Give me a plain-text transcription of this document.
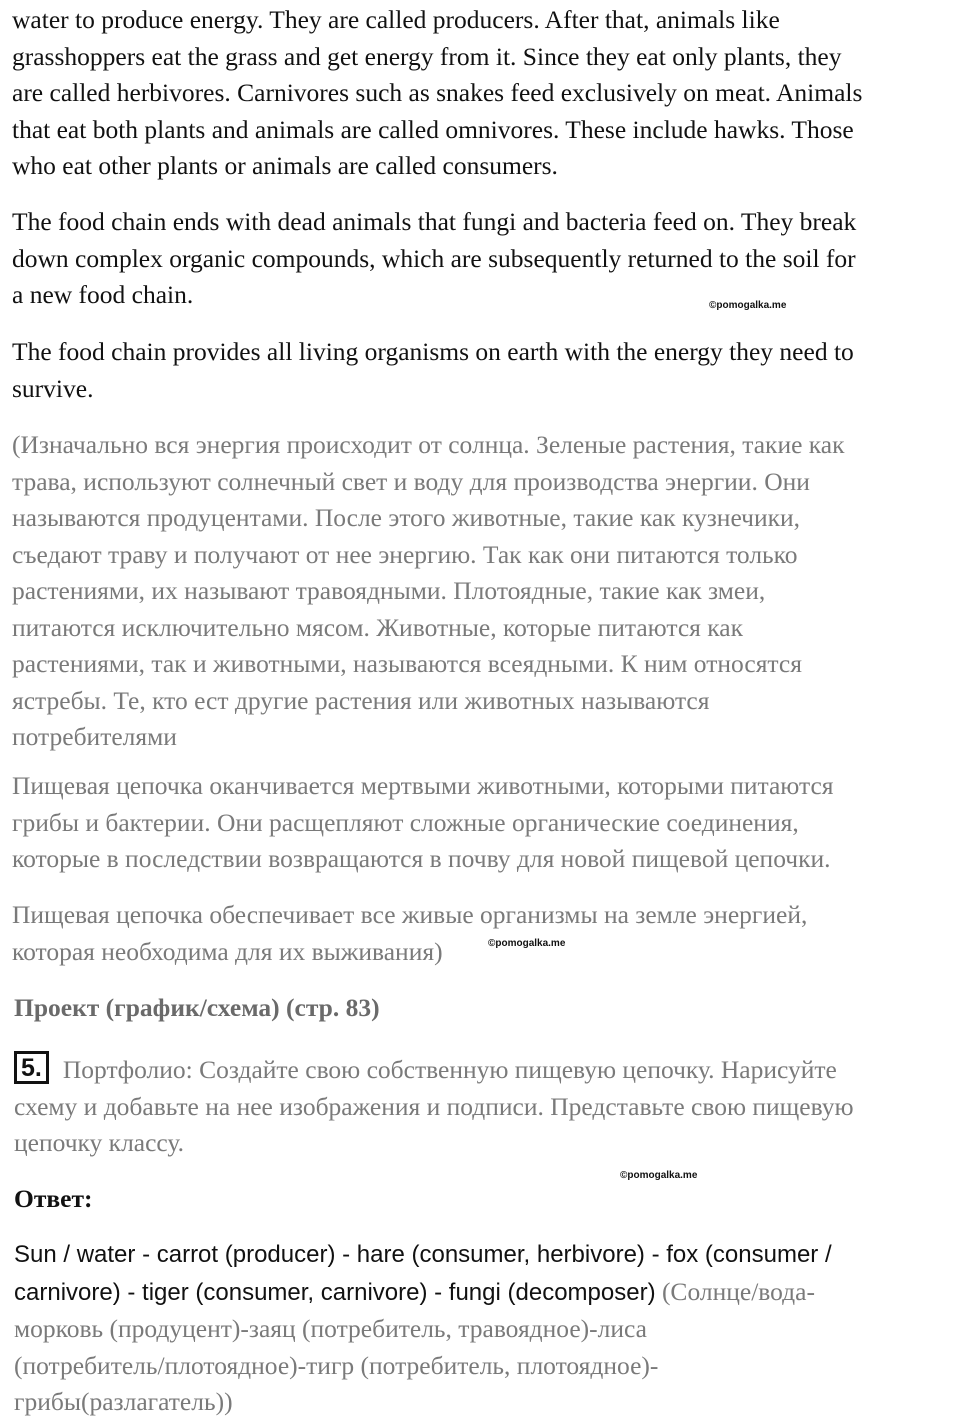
water to produce energy. They are called producers. After that, animals like

grasshoppers eat the grass and get energy from it. Since they eat only plants, they

are called herbivores. Carnivores such as snakes feed exclusively on meat. Animals

that eat both plants and animals are called omnivores. These include hawks. Those

who eat other plants or animals are called consumers.

The food chain ends with dead animals that fungi and bacteria feed on. They break

down complex organic compounds, which are subsequently returned to the soil for

a new food chain.	©pomogalka.me

The food chain provides all living organisms on earth with the energy they need to

survive.

(Изначально вся энергия происходит от солнца. Зеленые растения, такие как

трава, используют солнечный свет и воду для производства энергии. Они

называются продуцентами. После этого животные, такие как кузнечики,

съедают траву и получают от нее энергию. Так как они питаются только

растениями, их называют травоядными. Плотоядные, такие как змеи,

питаются исключительно мясом. Животные, которые питаются как

растениями, так и животными, называются всеядными. К ним относятся

ястребы. Те, кто ест другие растения или животных называются

потребителями

Пищевая цепочка оканчивается мертвыми животными, которыми питаются

грибы и бактерии. Они расщепляют сложные органические соединения,

которые в последствии возвращаются в почву для новой пищевой цепочки.

Пищевая цепочка обеспечивает все живые организмы на земле энергией,

которая необходима для их выживания)	©pomogalka.me

Проект (график/схема) (стр. 83)

5. Портфолио: Создайте свою собственную пищевую цепочку. Нарисуйте

схему и добавьте на нее изображения и подписи. Представьте свою пищевую

цепочку классу.

©pomogalka.me

Ответ:

Sun / water - carrot (producer) - hare (consumer, herbivore) - fox (consumer /

carnivore) - tiger (consumer, carnivore) - fungi (decomposer) (Солнце/вода-

морковь (продуцент)-заяц (потребитель, травоядное)-лиса

(потребитель/плотоядное)-тигр (потребитель, плотоядное)-

грибы(разлагатель))
